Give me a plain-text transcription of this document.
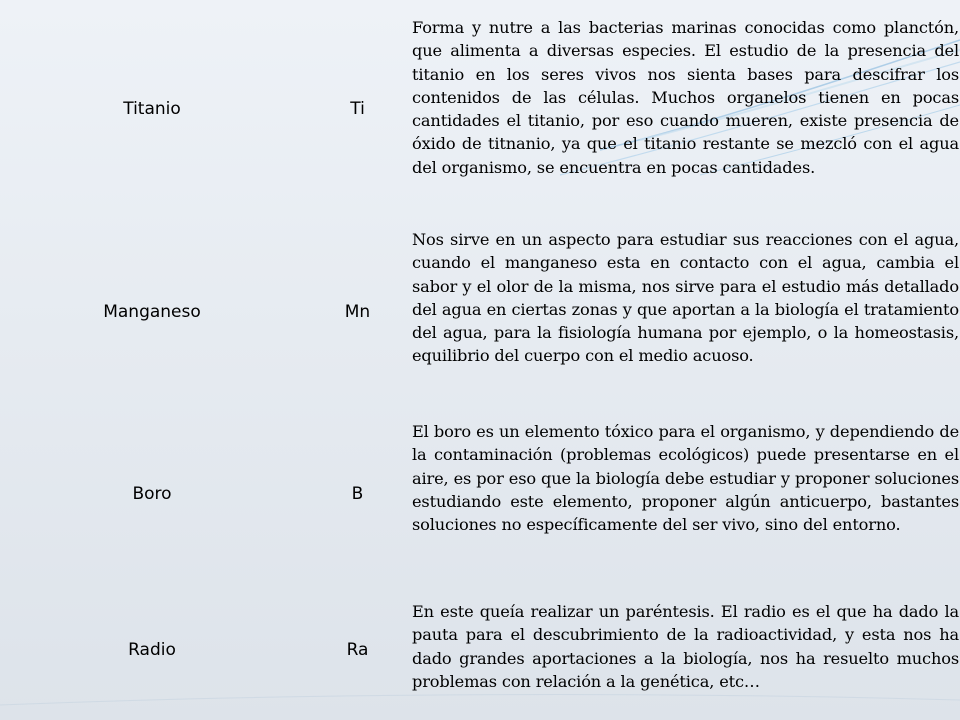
Titanio	Ti
Forma y nutre a las bacterias marinas conocidas como planctón, que alimenta a diversas especies. El estudio de la presencia del titanio en los seres vivos nos sienta bases para descifrar los contenidos de las células. Muchos organelos tienen en pocas cantidades el titanio, por eso cuando mueren, existe presencia de óxido de titnanio, ya que el titanio restante se mezcló con el agua del organismo, se encuentra en pocas cantidades.
Manganeso	Mn
Nos sirve en un aspecto para estudiar sus reacciones con el agua, cuando el manganeso esta en contacto con el agua, cambia el sabor y el olor de la misma, nos sirve para el estudio más detallado del agua en ciertas zonas y que aportan a la biología el tratamiento del agua, para la fisiología humana por ejemplo, o la homeostasis, equilibrio del cuerpo con el medio acuoso.
Boro	B
El boro es un elemento tóxico para el organismo, y dependiendo de la contaminación (problemas ecológicos) puede presentarse en el aire, es por eso que la biología debe estudiar y proponer soluciones estudiando este elemento, proponer algún anticuerpo, bastantes soluciones no específicamente del ser vivo, sino del entorno.
Radio	Ra
En este queía realizar un paréntesis. El radio es el que ha dado la pauta para el descubrimiento de la radioactividad, y esta nos ha dado grandes aportaciones a la biología, nos ha resuelto muchos problemas con relación a la genética, etc…
